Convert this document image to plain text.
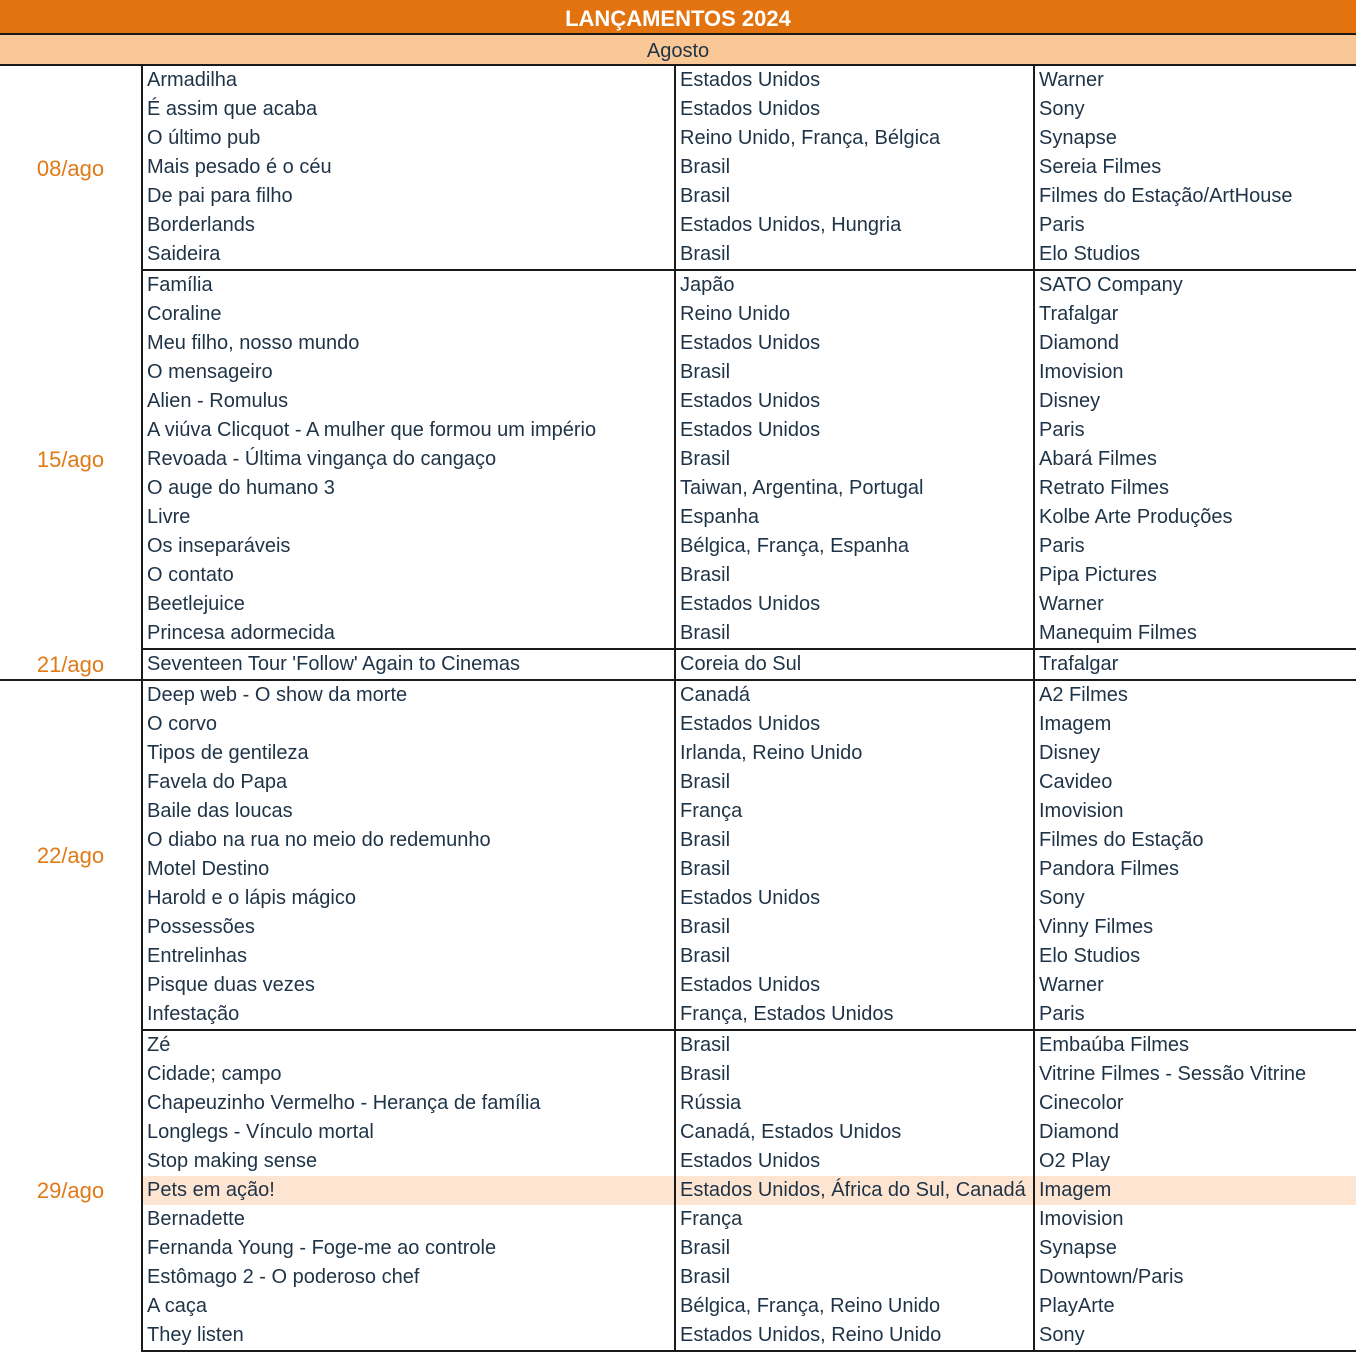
LANÇAMENTOS 2024
Agosto
08/ago	Armadilha	Estados Unidos	Warner
	É assim que acaba	Estados Unidos	Sony
	O último pub	Reino Unido, França, Bélgica	Synapse
	Mais pesado é o céu	Brasil	Sereia Filmes
	De pai para filho	Brasil	Filmes do Estação/ArtHouse
	Borderlands	Estados Unidos, Hungria	Paris
	Saideira	Brasil	Elo Studios
15/ago	Família	Japão	SATO Company
	Coraline	Reino Unido	Trafalgar
	Meu filho, nosso mundo	Estados Unidos	Diamond
	O mensageiro	Brasil	Imovision
	Alien - Romulus	Estados Unidos	Disney
	A viúva Clicquot - A mulher que formou um império	Estados Unidos	Paris
	Revoada - Última vingança do cangaço	Brasil	Abará Filmes
	O auge do humano 3	Taiwan, Argentina, Portugal	Retrato Filmes
	Livre	Espanha	Kolbe Arte Produções
	Os inseparáveis	Bélgica, França, Espanha	Paris
	O contato	Brasil	Pipa Pictures
	Beetlejuice	Estados Unidos	Warner
	Princesa adormecida	Brasil	Manequim Filmes
21/ago	Seventeen Tour 'Follow' Again to Cinemas	Coreia do Sul	Trafalgar
22/ago	Deep web - O show da morte	Canadá	A2 Filmes
	O corvo	Estados Unidos	Imagem
	Tipos de gentileza	Irlanda, Reino Unido	Disney
	Favela do Papa	Brasil	Cavideo
	Baile das loucas	França	Imovision
	O diabo na rua no meio do redemunho	Brasil	Filmes do Estação
	Motel Destino	Brasil	Pandora Filmes
	Harold e o lápis mágico	Estados Unidos	Sony
	Possessões	Brasil	Vinny Filmes
	Entrelinhas	Brasil	Elo Studios
	Pisque duas vezes	Estados Unidos	Warner
	Infestação	França, Estados Unidos	Paris
29/ago	Zé	Brasil	Embaúba Filmes
	Cidade; campo	Brasil	Vitrine Filmes - Sessão Vitrine
	Chapeuzinho Vermelho - Herança de família	Rússia	Cinecolor
	Longlegs - Vínculo mortal	Canadá, Estados Unidos	Diamond
	Stop making sense	Estados Unidos	O2 Play
	Pets em ação!	Estados Unidos, África do Sul, Canadá	Imagem
	Bernadette	França	Imovision
	Fernanda Young - Foge-me ao controle	Brasil	Synapse
	Estômago 2 - O poderoso chef	Brasil	Downtown/Paris
	A caça	Bélgica, França, Reino Unido	PlayArte
	They listen	Estados Unidos, Reino Unido	Sony
